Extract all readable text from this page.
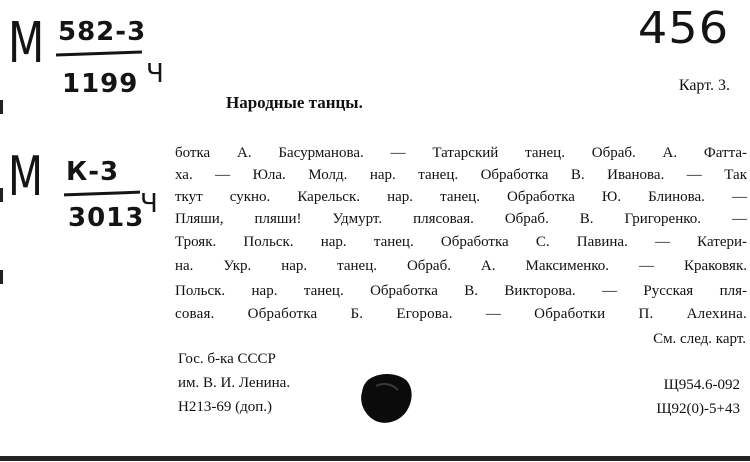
М 582-3
1199 Ч
М К-3
3013
Ч
456
Карт. 3.
Народные танцы.
ботка А. Басурманова. — Татарский танец. Обраб. А. Фатта-
ха. — Юла. Молд. нар. танец. Обработка В. Иванова. — Так
ткут сукно. Карельск. нар. танец. Обработка Ю. Блинова. —
Пляши, пляши! Удмурт. плясовая. Обраб. В. Григоренко. —
Трояк. Польск. нар. танец. Обработка С. Павина. — Катери-
на. Укр. нар. танец. Обраб. А. Максименко. — Краковяк.
Польск. нар. танец. Обработка В. Викторова. — Русская пля-
совая. Обработка Б. Егорова. — Обработки П. Алехина.
См. след. карт.
Гос. б-ка СССР
им. В. И. Ленина.
Н213-69 (доп.)
Щ954.6-092
Щ92(0)-5+43
